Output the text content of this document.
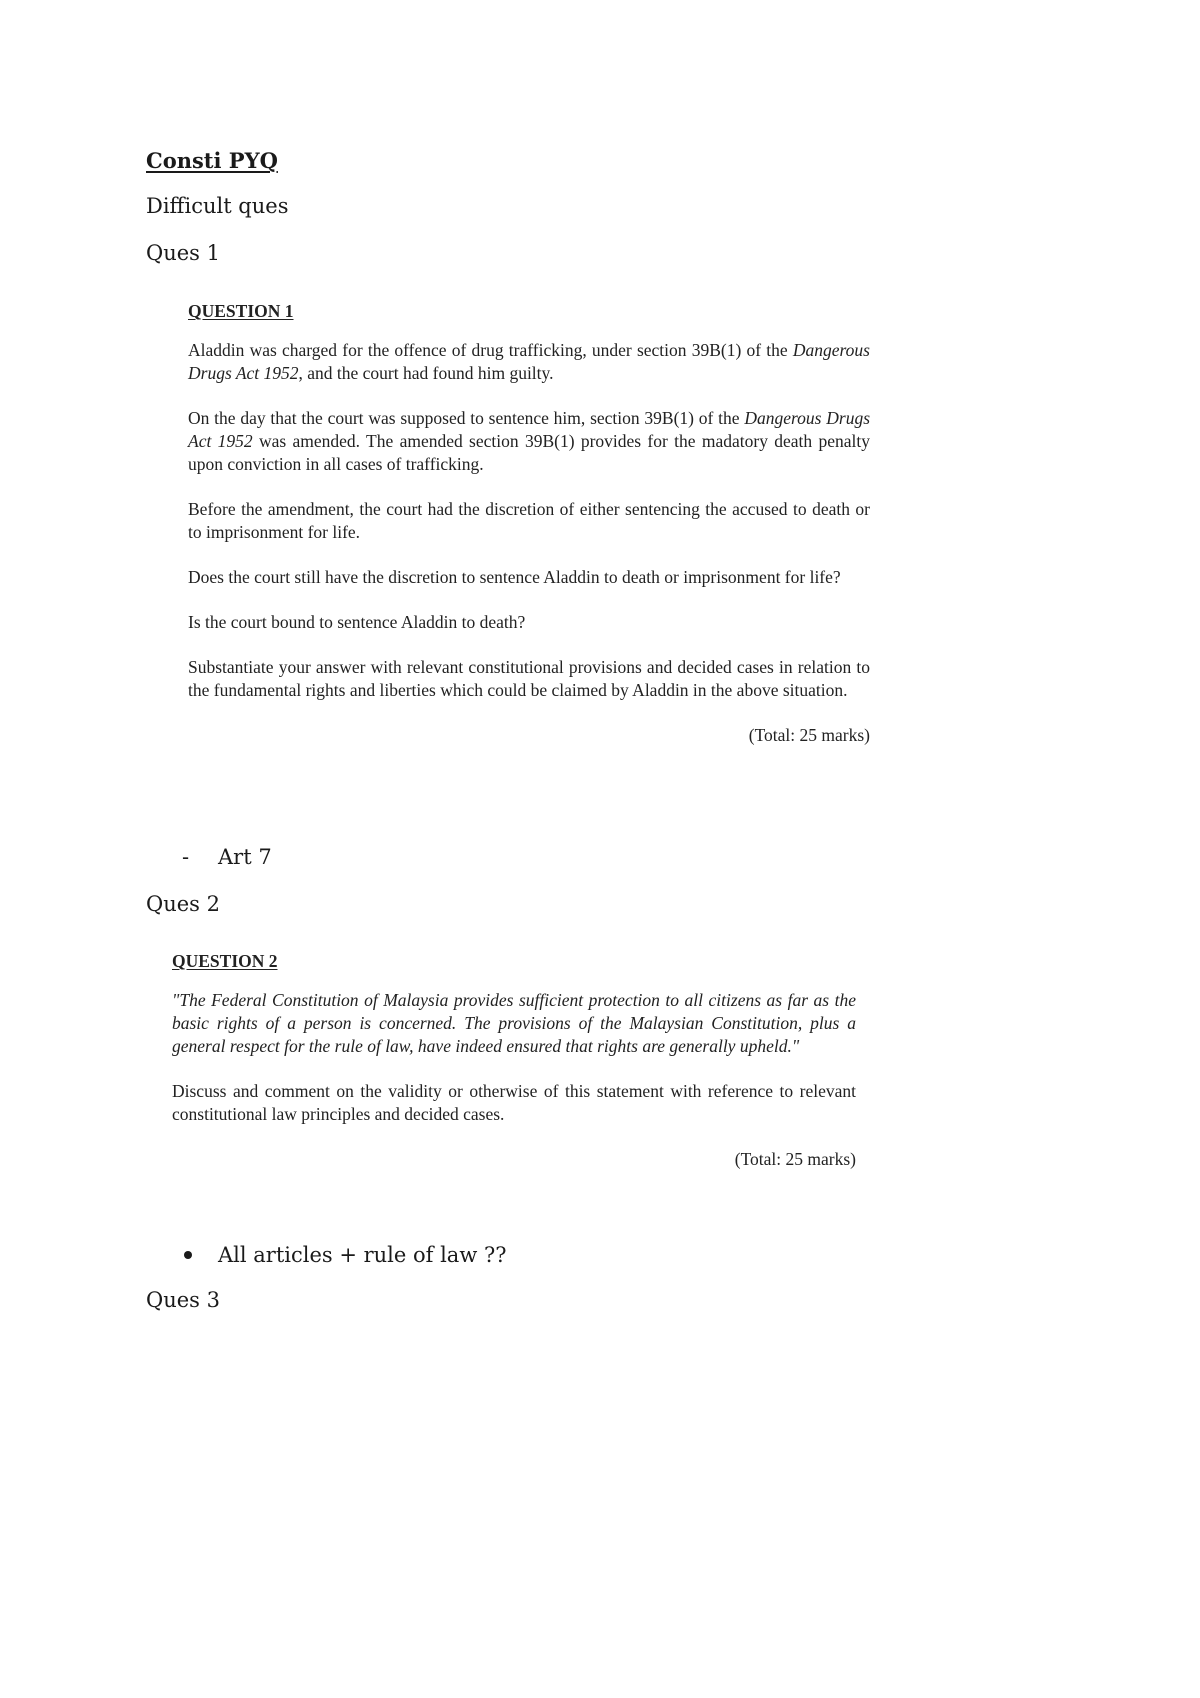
Consti PYQ
Difficult ques
Ques 1
QUESTION 1

Aladdin was charged for the offence of drug trafficking, under section 39B(1) of the Dangerous Drugs Act 1952, and the court had found him guilty.

On the day that the court was supposed to sentence him, section 39B(1) of the Dangerous Drugs Act 1952 was amended. The amended section 39B(1) provides for the madatory death penalty upon conviction in all cases of trafficking.

Before the amendment, the court had the discretion of either sentencing the accused to death or to imprisonment for life.

Does the court still have the discretion to sentence Aladdin to death or imprisonment for life?

Is the court bound to sentence Aladdin to death?

Substantiate your answer with relevant constitutional provisions and decided cases in relation to the fundamental rights and liberties which could be claimed by Aladdin in the above situation.

(Total: 25 marks)

- Art 7
Ques 2
QUESTION 2

"The Federal Constitution of Malaysia provides sufficient protection to all citizens as far as the basic rights of a person is concerned. The provisions of the Malaysian Constitution, plus a general respect for the rule of law, have indeed ensured that rights are generally upheld."

Discuss and comment on the validity or otherwise of this statement with reference to relevant constitutional law principles and decided cases.

(Total: 25 marks)

All articles + rule of law ??
Ques 3
